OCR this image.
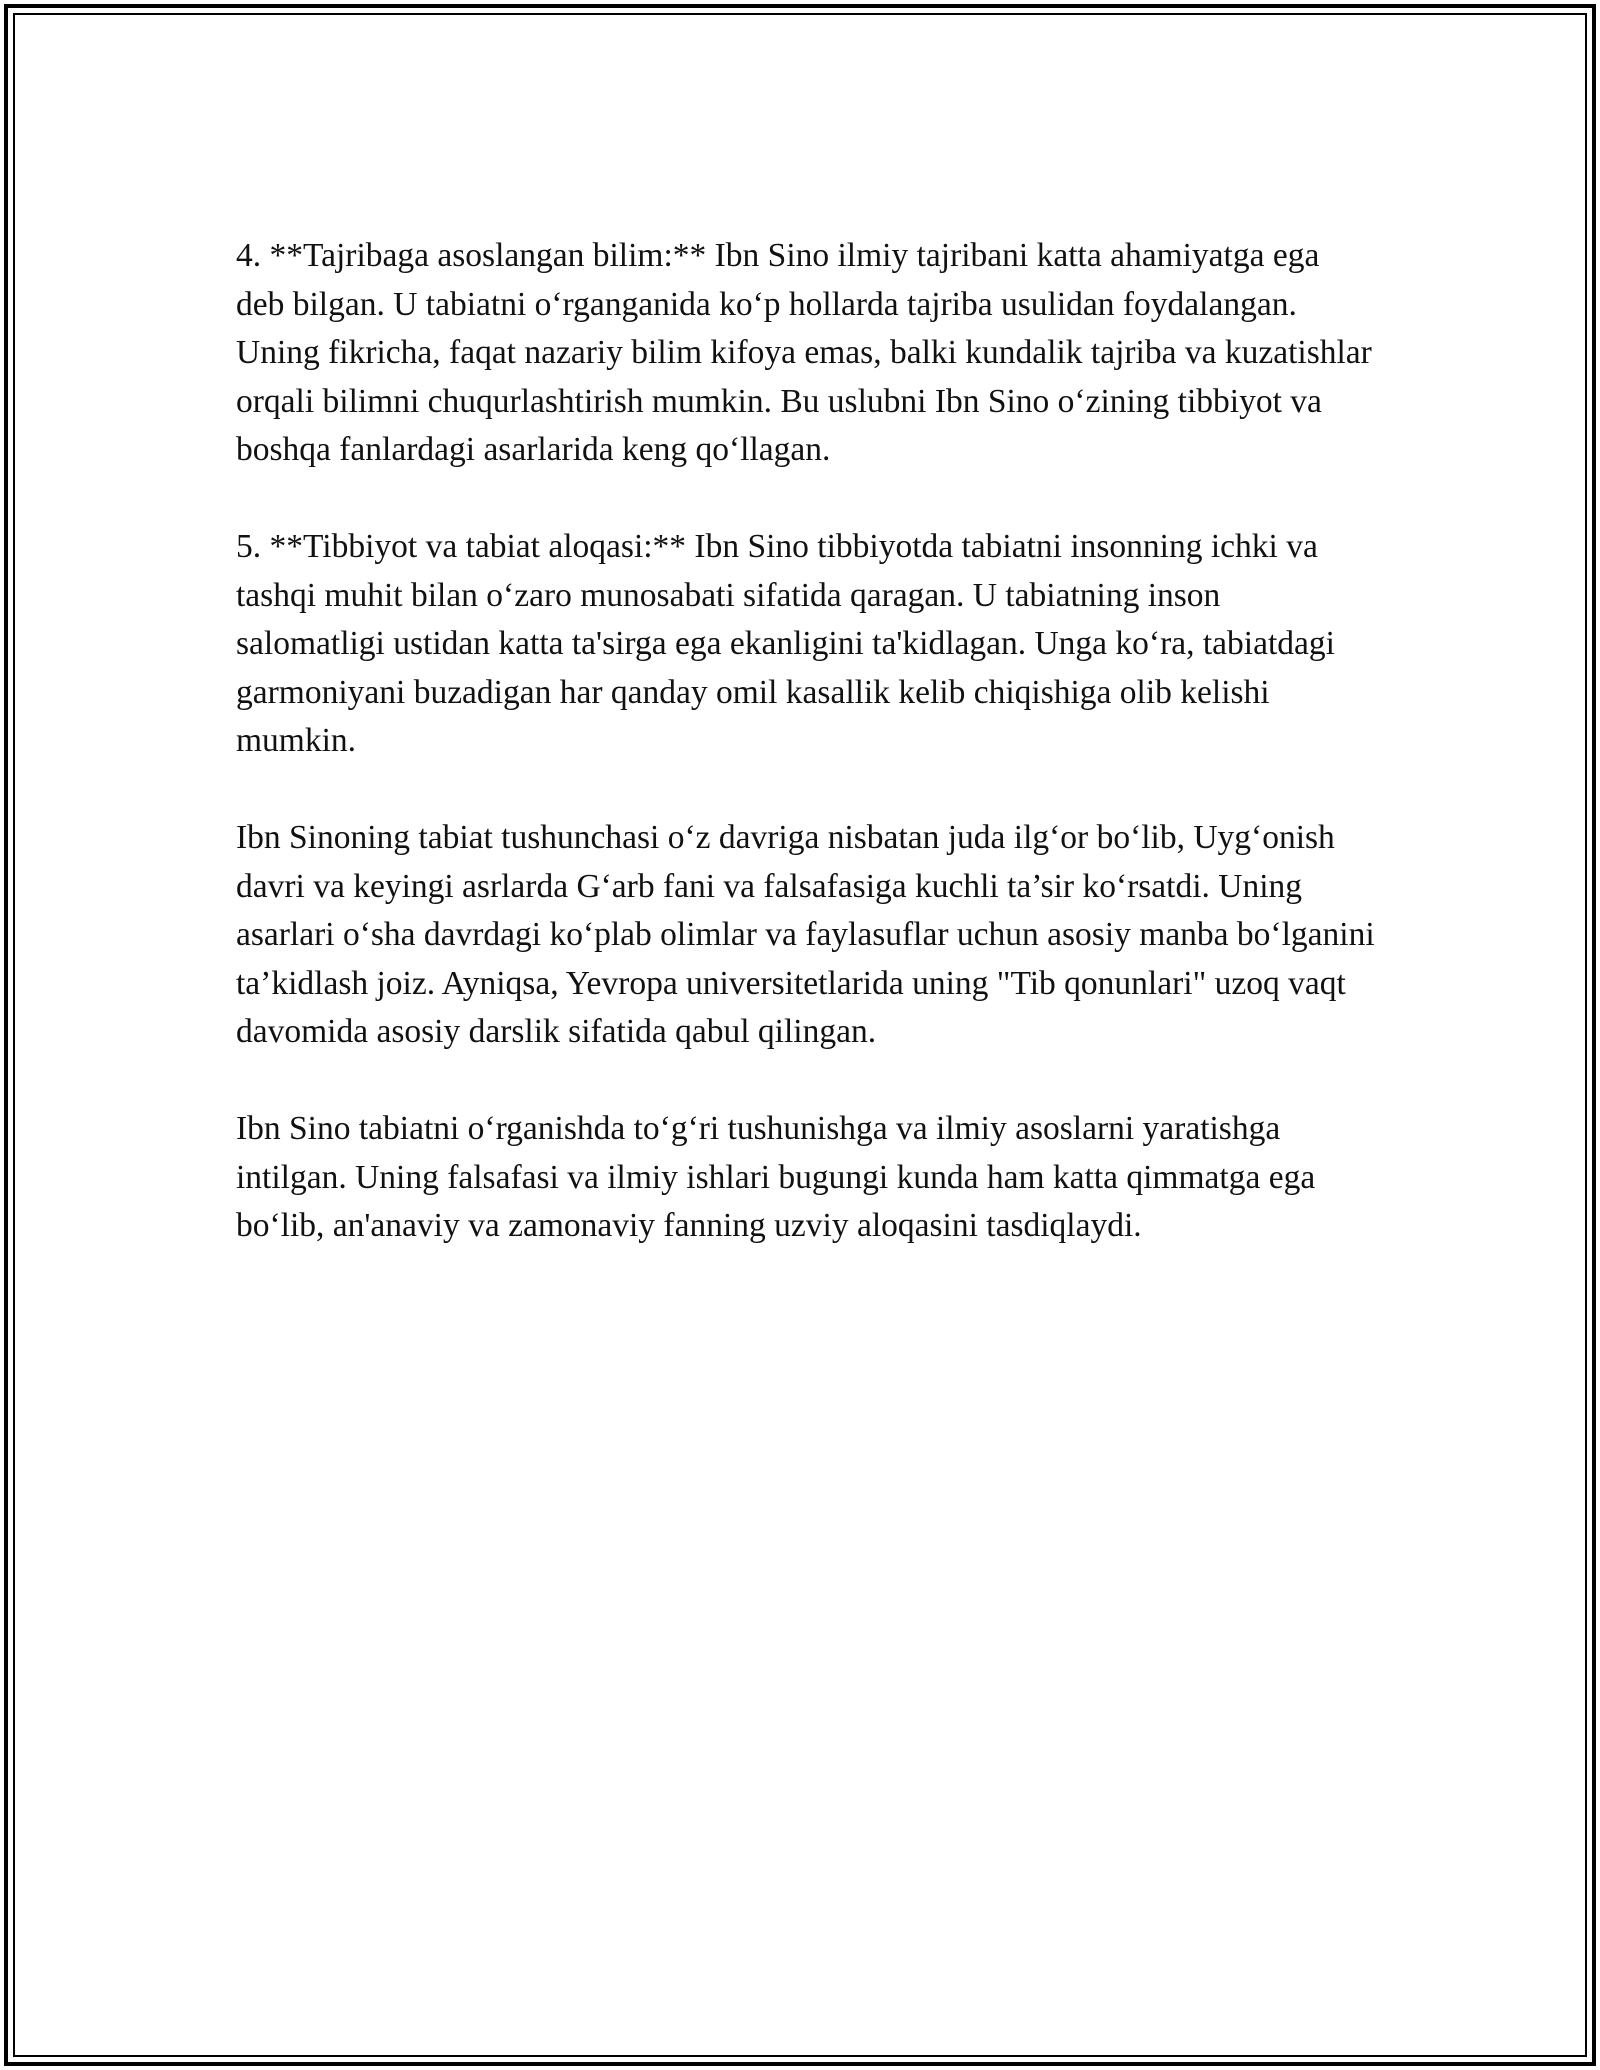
4. **Tajribaga asoslangan bilim:** Ibn Sino ilmiy tajribani katta ahamiyatga ega deb bilgan. U tabiatni o‘rganganida ko‘p hollarda tajriba usulidan foydalangan. Uning fikricha, faqat nazariy bilim kifoya emas, balki kundalik tajriba va kuzatishlar orqali bilimni chuqurlashtirish mumkin. Bu uslubni Ibn Sino o‘zining tibbiyot va boshqa fanlardagi asarlarida keng qo‘llagan.

5. **Tibbiyot va tabiat aloqasi:** Ibn Sino tibbiyotda tabiatni insonning ichki va tashqi muhit bilan o‘zaro munosabati sifatida qaragan. U tabiatning inson salomatligi ustidan katta ta'sirga ega ekanligini ta'kidlagan. Unga ko‘ra, tabiatdagi garmoniyani buzadigan har qanday omil kasallik kelib chiqishiga olib kelishi mumkin.

Ibn Sinoning tabiat tushunchasi o‘z davriga nisbatan juda ilg‘or bo‘lib, Uyg‘onish davri va keyingi asrlarda G‘arb fani va falsafasiga kuchli ta’sir ko‘rsatdi. Uning asarlari o‘sha davrdagi ko‘plab olimlar va faylasuflar uchun asosiy manba bo‘lganini ta’kidlash joiz. Ayniqsa, Yevropa universitetlarida uning "Tib qonunlari" uzoq vaqt davomida asosiy darslik sifatida qabul qilingan.

Ibn Sino tabiatni o‘rganishda to‘g‘ri tushunishga va ilmiy asoslarni yaratishga intilgan. Uning falsafasi va ilmiy ishlari bugungi kunda ham katta qimmatga ega bo‘lib, an'anaviy va zamonaviy fanning uzviy aloqasini tasdiqlaydi.
